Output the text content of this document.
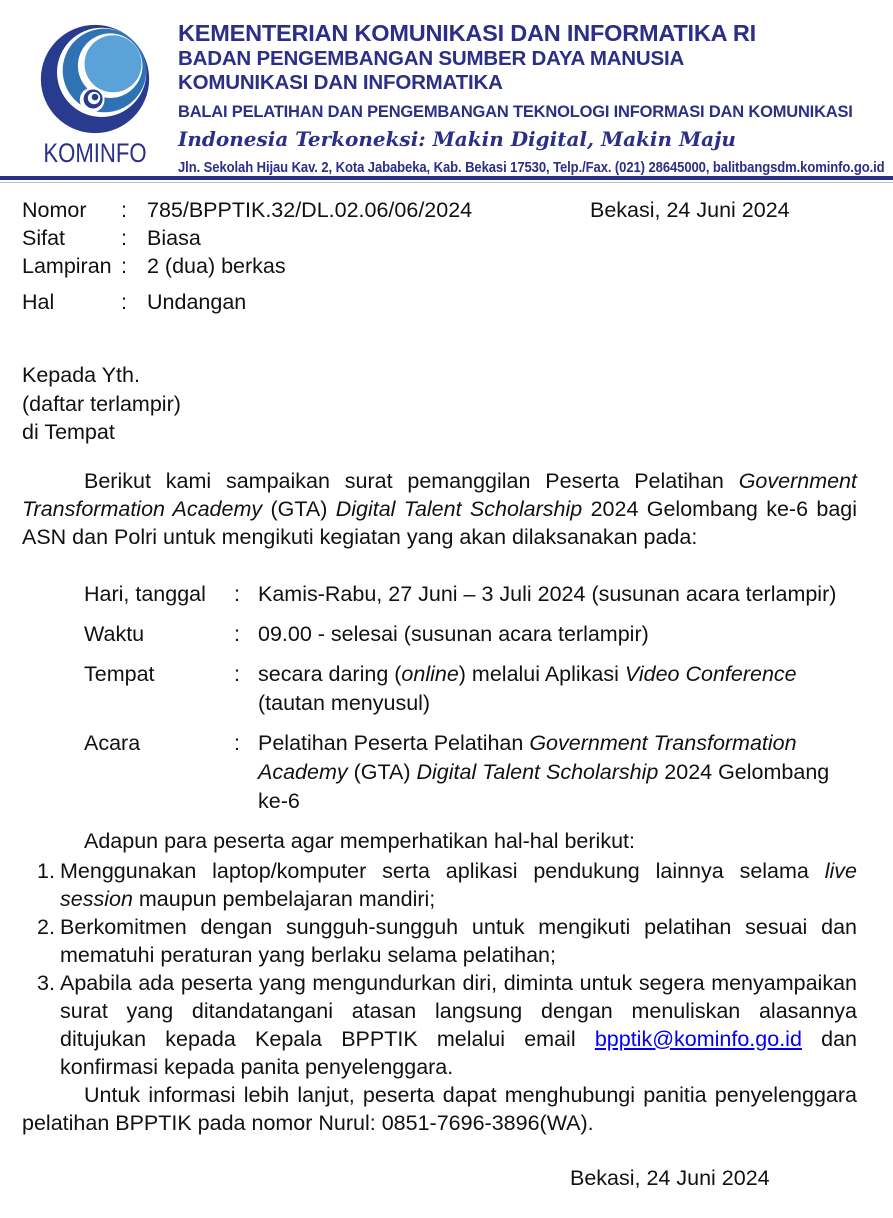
KOMINFO
KEMENTERIAN KOMUNIKASI DAN INFORMATIKA RI
BADAN PENGEMBANGAN SUMBER DAYA MANUSIA
KOMUNIKASI DAN INFORMATIKA
BALAI PELATIHAN DAN PENGEMBANGAN TEKNOLOGI INFORMASI DAN KOMUNIKASI
Indonesia Terkoneksi: Makin Digital, Makin Maju
Jln. Sekolah Hijau Kav. 2, Kota Jababeka, Kab. Bekasi 17530, Telp./Fax. (021) 28645000, balitbangsdm.kominfo.go.id
Nomor	: 785/BPPTIK.32/DL.02.06/06/2024
Sifat	: Biasa
Lampiran : 2 (dua) berkas
Hal	: Undangan
Bekasi, 24 Juni 2024
Kepada Yth.
(daftar terlampir)
di Tempat

Berikut kami sampaikan surat pemanggilan Peserta Pelatihan Government Transformation Academy (GTA) Digital Talent Scholarship 2024 Gelombang ke-6 bagi ASN dan Polri untuk mengikuti kegiatan yang akan dilaksanakan pada:

Hari, tanggal	: Kamis-Rabu, 27 Juni – 3 Juli 2024 (susunan acara terlampir)
Waktu	: 09.00 - selesai (susunan acara terlampir)
Tempat	: secara daring (online) melalui Aplikasi Video Conference
(tautan menyusul)
Acara	: Pelatihan Peserta Pelatihan Government Transformation
Academy (GTA) Digital Talent Scholarship 2024 Gelombang
ke-6

Adapun para peserta agar memperhatikan hal-hal berikut:

1. Menggunakan laptop/komputer serta aplikasi pendukung lainnya selama live session maupun pembelajaran mandiri;
2. Berkomitmen dengan sungguh-sungguh untuk mengikuti pelatihan sesuai dan mematuhi peraturan yang berlaku selama pelatihan;
3. Apabila ada peserta yang mengundurkan diri, diminta untuk segera menyampaikan surat yang ditandatangani atasan langsung dengan menuliskan alasannya ditujukan kepada Kepala BPPTIK melalui email bpptik@kominfo.go.id dan konfirmasi kepada panita penyelenggara.

Untuk informasi lebih lanjut, peserta dapat menghubungi panitia penyelenggara pelatihan BPPTIK pada nomor Nurul: 0851-7696-3896(WA).

Bekasi, 24 Juni 2024
